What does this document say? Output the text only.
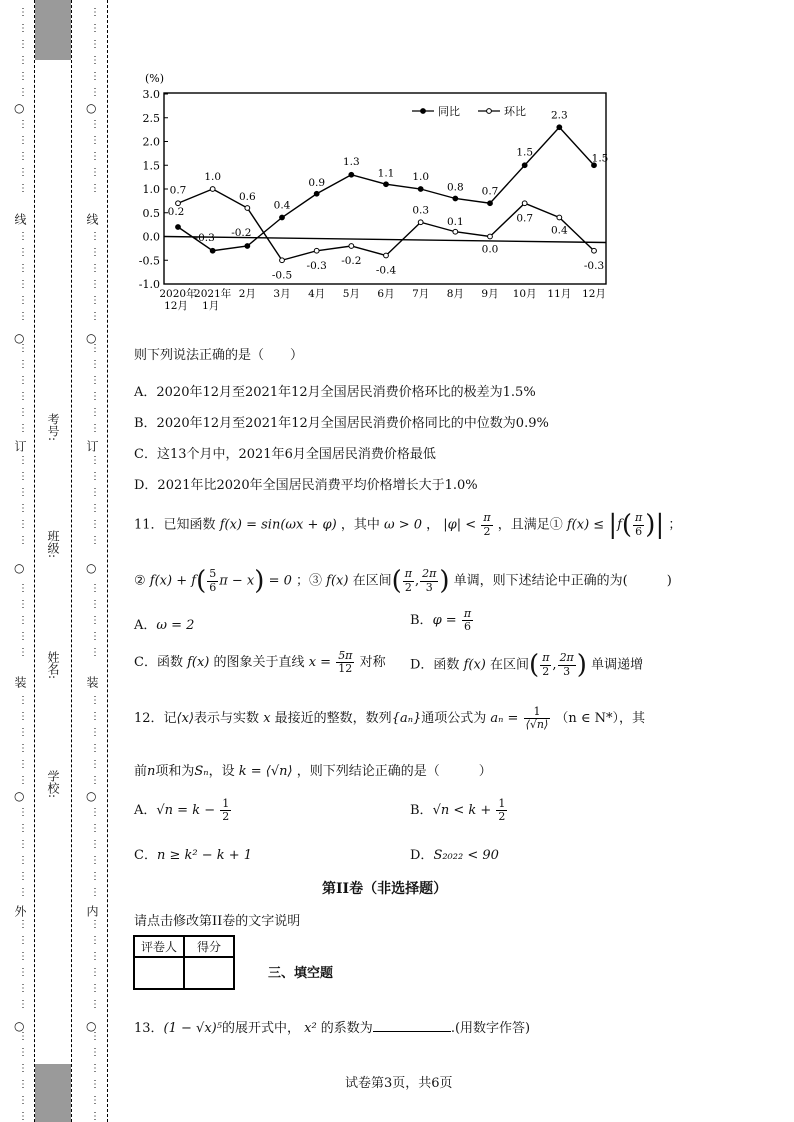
○
○
○
○
○
线
订
装
外
⋮
⋮
⋮
⋮
⋮
⋮
⋮
⋮
⋮
⋮
⋮
⋮
⋮
⋮
⋮
⋮
⋮
⋮
⋮
⋮
⋮
⋮
⋮
⋮
⋮
⋮
⋮
⋮
⋮
⋮
⋮
⋮
⋮
⋮
⋮
⋮
⋮
⋮
⋮
⋮
⋮
⋮
⋮
⋮
⋮
⋮
⋮
⋮
⋮
⋮
⋮
⋮
⋮
⋮
⋮
⋮
⋮
⋮
○
○
○
○
○
线
订
装
内
⋮
⋮
⋮
⋮
⋮
⋮
⋮
⋮
⋮
⋮
⋮
⋮
⋮
⋮
⋮
⋮
⋮
⋮
⋮
⋮
⋮
⋮
⋮
⋮
⋮
⋮
⋮
⋮
⋮
⋮
⋮
⋮
⋮
⋮
⋮
⋮
⋮
⋮
⋮
⋮
⋮
⋮
⋮
⋮
⋮
⋮
⋮
⋮
⋮
⋮
⋮
⋮
⋮
⋮
⋮
⋮
⋮
⋮
考号:
班级:
姓名:
学校:
(%)
3.0
2.5
2.0
1.5
1.0
0.5
0.0
-0.5
-1.0
2020年
12月
2021年
1月
2月 3月 4月 5月 6月 7月 8月 9月 10月 11月 12月
0.2
-0.3 -0.2
0.4
0.9
1.3
1.1 1.0
0.8 0.7
1.5
2.3
1.5
0.7
1.0
0.6
-0.5
-0.3 -0.2
-0.4
0.3
0.1
0.0
0.7
0.4
-0.3
同比	环比
则下列说法正确的是（　　）
A．2020年12月至2021年12月全国居民消费价格环比的极差为1.5%
B．2020年12月至2021年12月全国居民消费价格同比的中位数为0.9%
C．这13个月中，2021年6月全国居民消费价格最低
D．2021年比2020年全国居民消费平均价格增长大于1.0%
11．已知函数 f(x) = sin(ωx + φ) ，其中 ω > 0 ， $|\varphi| < \frac{\pi}{2}$ ，且满足① $f(x) \le |f( \frac{\pi}{6}$ )| ；
② $f(x) + f( \frac{5}{6}$ π − x) = 0 ；③ f(x) 在区间( $\frac{\pi}{2}$ , $\frac{2\pi}{3}$ ) 单调，则下述结论中正确的为(　　　)
A．ω = 2	B．$\varphi = \frac{\pi}{6}$
C．函数 f(x) 的图象关于直线 $x = \frac{5\pi}{12}$ 对称 D．函数 f(x) 在区间( $\frac{\pi}{2}$ , $\frac{2\pi}{3}$ ) 单调递增
12．记⟨x⟩表示与实数 x 最接近的整数，数列{aₙ}通项公式为 $a_n = \frac{1}{⟨√n⟩} (n$ ∈ N*），其
前n项和为Sₙ，设 k = ⟨√n⟩ ，则下列结论正确的是（　　　）
A．$√n = k - \frac{1}{2}$	B．$√n < k + \frac{1}{2}$
C．n ≥ k² − k + 1	D．S₂₀₂₂ < 90
第II卷（非选择题）
请点击修改第II卷的文字说明
评卷人	得分

三、填空题
13．(1 − √x)⁵的展开式中， x² 的系数为	.(用数字作答)
试卷第3页，共6页
